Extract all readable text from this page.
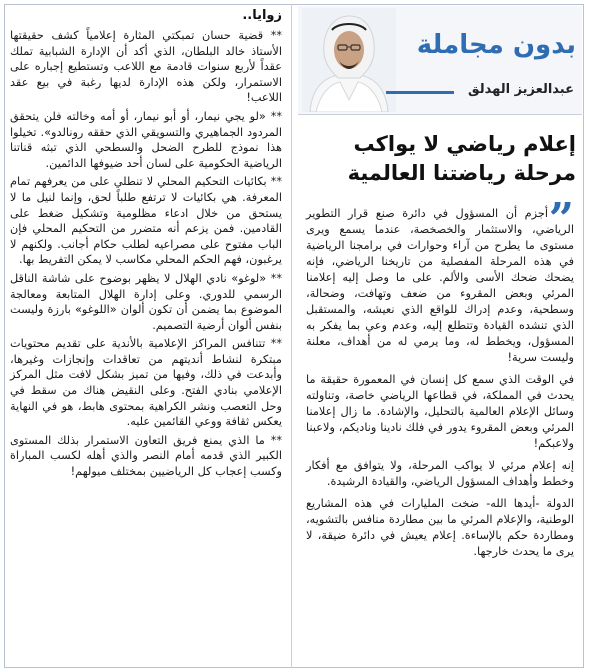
بدون مجاملة
عبدالعزيز الهدلق
إعلام رياضي لا يواكب مرحلة رياضتنا العالمية
”

أجزم أن المسؤول في دائرة صنع قرار التطوير الرياضي، والاستثمار والخصخصة، عندما يسمع ويرى مستوى ما يطرح من آراء وحوارات في برامجنا الرياضية في هذه المرحلة المفصلية من تاريخنا الرياضي، فإنه يضحك ضحك الأسى والألم. على ما وصل إليه إعلامنا المرئي وبعض المقروء من ضعف وتهافت، وضحالة، وسطحية، وعدم إدراك للواقع الذي نعيشه، والمستقبل الذي تنشده القيادة وتتطلع إليه، وعدم وعي بما يفكر به المسؤول، ويخطط له، وما يرمي له من أهداف، معلنة وليست سرية!

في الوقت الذي سمع كل إنسان في المعمورة حقيقة ما يحدث في المملكة، في قطاعها الرياضي خاصة، وتناولته وسائل الإعلام العالمية بالتحليل، والإشادة. ما زال إعلامنا المرئي وبعض المقروء يدور في فلك نادينا وناديكم، ولاعبنا ولاعبكم!

إنه إعلام مرئي لا يواكب المرحلة، ولا يتوافق مع أفكار وخطط وأهداف المسؤول الرياضي، والقيادة الرشيدة.

الدولة -أيدها الله- ضخت المليارات في هذه المشاريع الوطنية، والإعلام المرئي ما بين مطاردة منافس بالتشويه، ومطاردة حكم بالإساءة. إعلام يعيش في دائرة ضيقة، لا يرى ما يحدث خارجها.

زوايا..

** قضية حسان تمبكتي المثارة إعلامياً كشف حقيقتها الأستاذ خالد البلطان، الذي أكد أن الإدارة الشبابية تملك عقداً لأربع سنوات قادمة مع اللاعب وتستطيع إجباره على الاستمرار، ولكن هذه الإدارة لديها رغبة في بيع عقد اللاعب!

** «لو يجي نيمار، أو أبو نيمار، أو أمه وخالته فلن يتحقق المردود الجماهيري والتسويقي الذي حققه رونالدو». تخيلوا هذا نموذج للطرح الضحل والسطحي الذي تبثه قناتنا الرياضية الحكومية على لسان أحد ضيوفها الدائمين.

** بكائيات التحكيم المحلي لا تنطلي على من يعرفهم تمام المعرفة. هي بكائيات لا ترتفع طلباً لحق، وإنما لنيل ما لا يستحق من خلال ادعاء مظلومية وتشكيل ضغط على القادمين. فمن يزعم أنه متضرر من التحكيم المحلي فإن الباب مفتوح على مصراعيه لطلب حكام أجانب. ولكنهم لا يرغبون، فهم الحكم المحلي مكاسب لا يمكن التفريط بها.

** «لوغو» نادي الهلال لا يظهر بوضوح على شاشة الناقل الرسمي للدوري. وعلى إدارة الهلال المتابعة ومعالجة الموضوع بما يضمن أن تكون ألوان «اللوغو» بارزة وليست بنفس ألوان أرضية التصميم.

** تتنافس المراكز الإعلامية بالأندية على تقديم محتويات مبتكرة لنشاط أنديتهم من تعاقدات وإنجازات وغيرها، وأبدعت في ذلك، وفيها من تميز بشكل لافت مثل المركز الإعلامي بنادي الفتح. وعلى النقيض هناك من سقط في وحل التعصب ونشر الكراهية بمحتوى هابط، هو في النهاية يعكس ثقافة ووعي القائمين عليه.

** ما الذي يمنع فريق التعاون الاستمرار بذلك المستوى الكبير الذي قدمه أمام النصر والذي أهله لكسب المباراة وكسب إعجاب كل الرياضيين بمختلف ميولهم!
